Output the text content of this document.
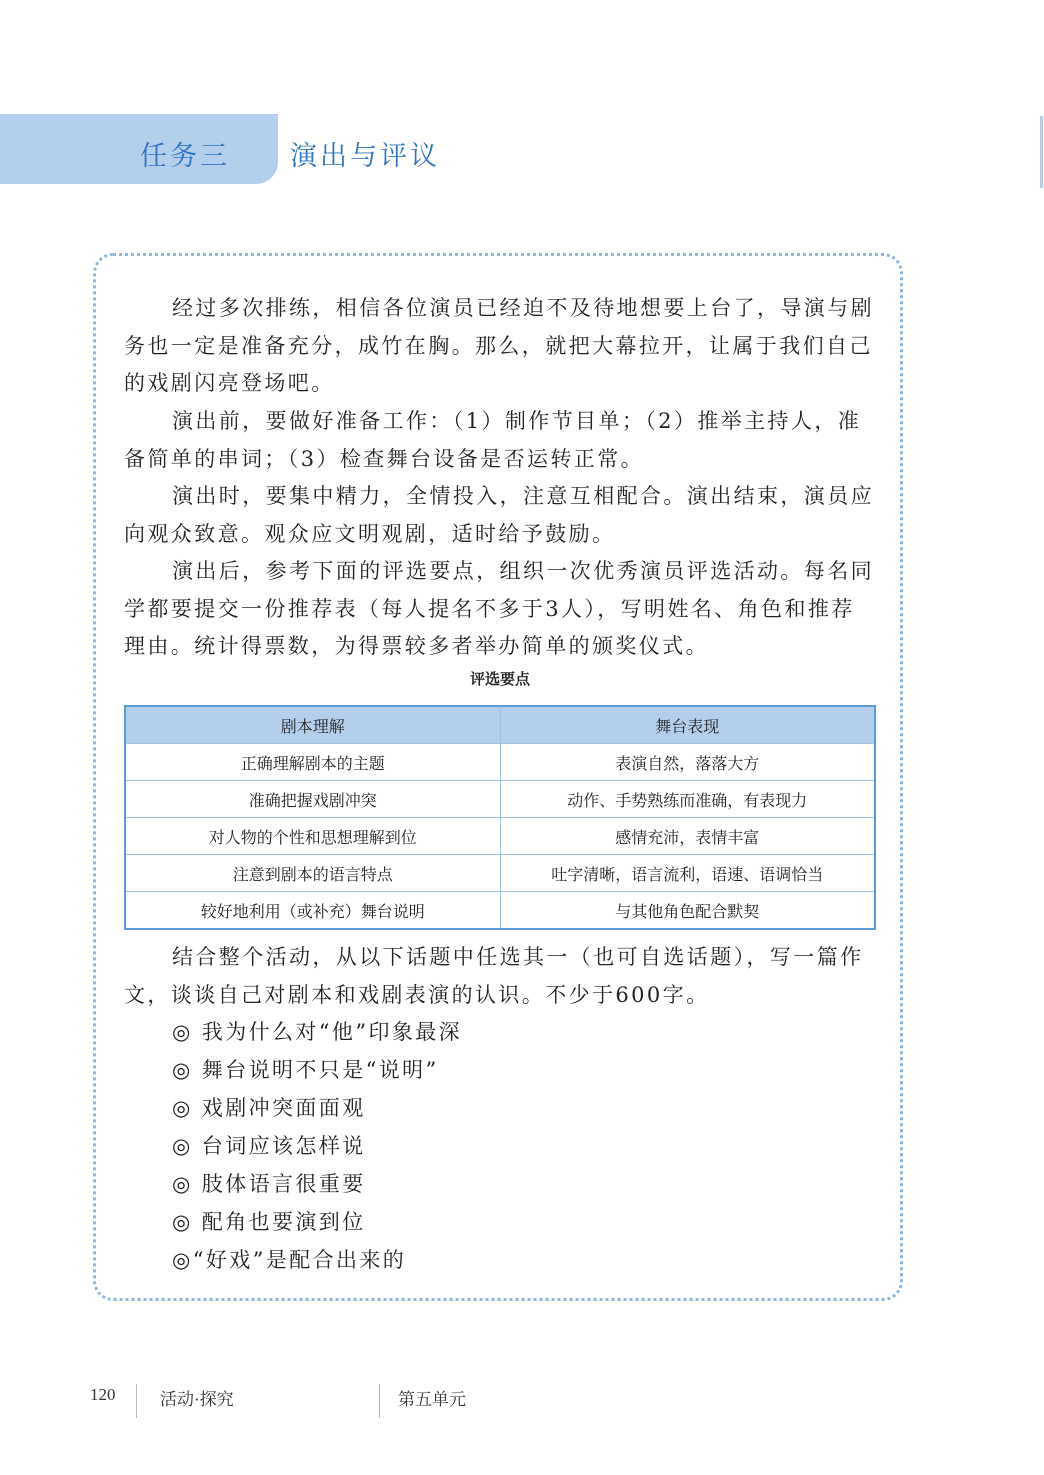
任务三 演出与评议

经过多次排练，相信各位演员已经迫不及待地想要上台了，导演与剧务也一定是准备充分，成竹在胸。那么，就把大幕拉开，让属于我们自己的戏剧闪亮登场吧。

演出前，要做好准备工作：（1）制作节目单；（2）推举主持人，准备简单的串词；（3）检查舞台设备是否运转正常。

演出时，要集中精力，全情投入，注意互相配合。演出结束，演员应向观众致意。观众应文明观剧，适时给予鼓励。

演出后，参考下面的评选要点，组织一次优秀演员评选活动。每名同学都要提交一份推荐表（每人提名不多于3人），写明姓名、角色和推荐理由。统计得票数，为得票较多者举办简单的颁奖仪式。

评选要点
剧本理解	舞台表现
正确理解剧本的主题	表演自然，落落大方
准确把握戏剧冲突	动作、手势熟练而准确，有表现力
对人物的个性和思想理解到位	感情充沛，表情丰富
注意到剧本的语言特点	吐字清晰，语言流利，语速、语调恰当
较好地利用（或补充）舞台说明	与其他角色配合默契

结合整个活动，从以下话题中任选其一（也可自选话题），写一篇作文，谈谈自己对剧本和戏剧表演的认识。不少于600字。

◎ 我为什么对“他”印象最深
◎ 舞台说明不只是“说明”
◎ 戏剧冲突面面观
◎ 台词应该怎样说
◎ 肢体语言很重要
◎ 配角也要演到位
◎“好戏”是配合出来的
120	活动·探究	第五单元
